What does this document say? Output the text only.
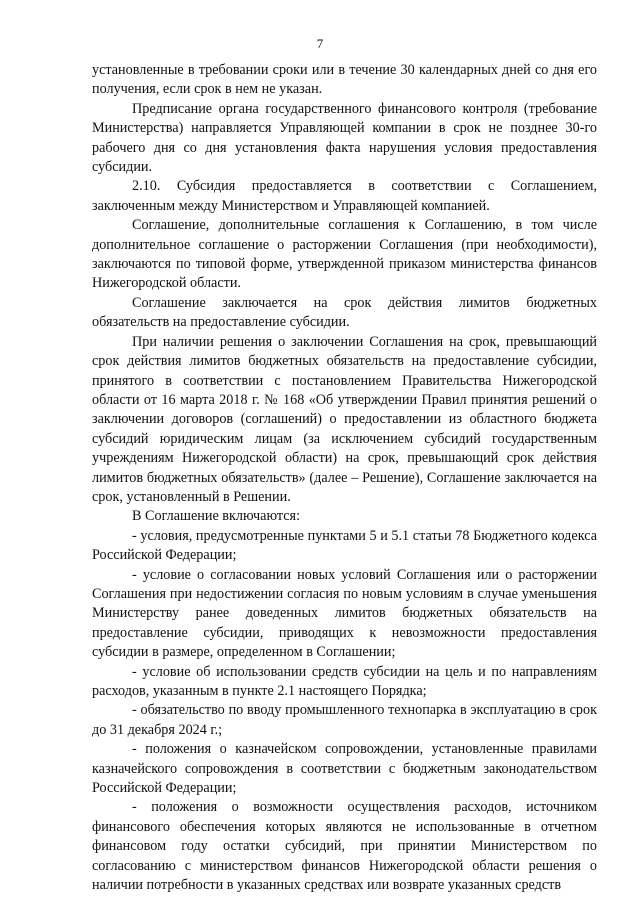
7

установленные в требовании сроки или в течение 30 календарных дней со дня его получения, если срок в нем не указан.

Предписание органа государственного финансового контроля (требование Министерства) направляется Управляющей компании в срок не позднее 30-го рабочего дня со дня установления факта нарушения условия предоставления субсидии.

2.10. Субсидия предоставляется в соответствии с Соглашением, заключенным между Министерством и Управляющей компанией.

Соглашение, дополнительные соглашения к Соглашению, в том числе дополнительное соглашение о расторжении Соглашения (при необходимости), заключаются по типовой форме, утвержденной приказом министерства финансов Нижегородской области.

Соглашение заключается на срок действия лимитов бюджетных обязательств на предоставление субсидии.

При наличии решения о заключении Соглашения на срок, превышающий срок действия лимитов бюджетных обязательств на предоставление субсидии, принятого в соответствии с постановлением Правительства Нижегородской области от 16 марта 2018 г. № 168 «Об утверждении Правил принятия решений о заключении договоров (соглашений) о предоставлении из областного бюджета субсидий юридическим лицам (за исключением субсидий государственным учреждениям Нижегородской области) на срок, превышающий срок действия лимитов бюджетных обязательств» (далее – Решение), Соглашение заключается на срок, установленный в Решении.

В Соглашение включаются:

- условия, предусмотренные пунктами 5 и 5.1 статьи 78 Бюджетного кодекса Российской Федерации;

- условие о согласовании новых условий Соглашения или о расторжении Соглашения при недостижении согласия по новым условиям в случае уменьшения Министерству ранее доведенных лимитов бюджетных обязательств на предоставление субсидии, приводящих к невозможности предоставления субсидии в размере, определенном в Соглашении;

- условие об использовании средств субсидии на цель и по направлениям расходов, указанным в пункте 2.1 настоящего Порядка;

- обязательство по вводу промышленного технопарка в эксплуатацию в срок до 31 декабря 2024 г.;

- положения о казначейском сопровождении, установленные правилами казначейского сопровождения в соответствии с бюджетным законодательством Российской Федерации;

- положения о возможности осуществления расходов, источником финансового обеспечения которых являются не использованные в отчетном финансовом году остатки субсидий, при принятии Министерством по согласованию с министерством финансов Нижегородской области решения о наличии потребности в указанных средствах или возврате указанных средств
